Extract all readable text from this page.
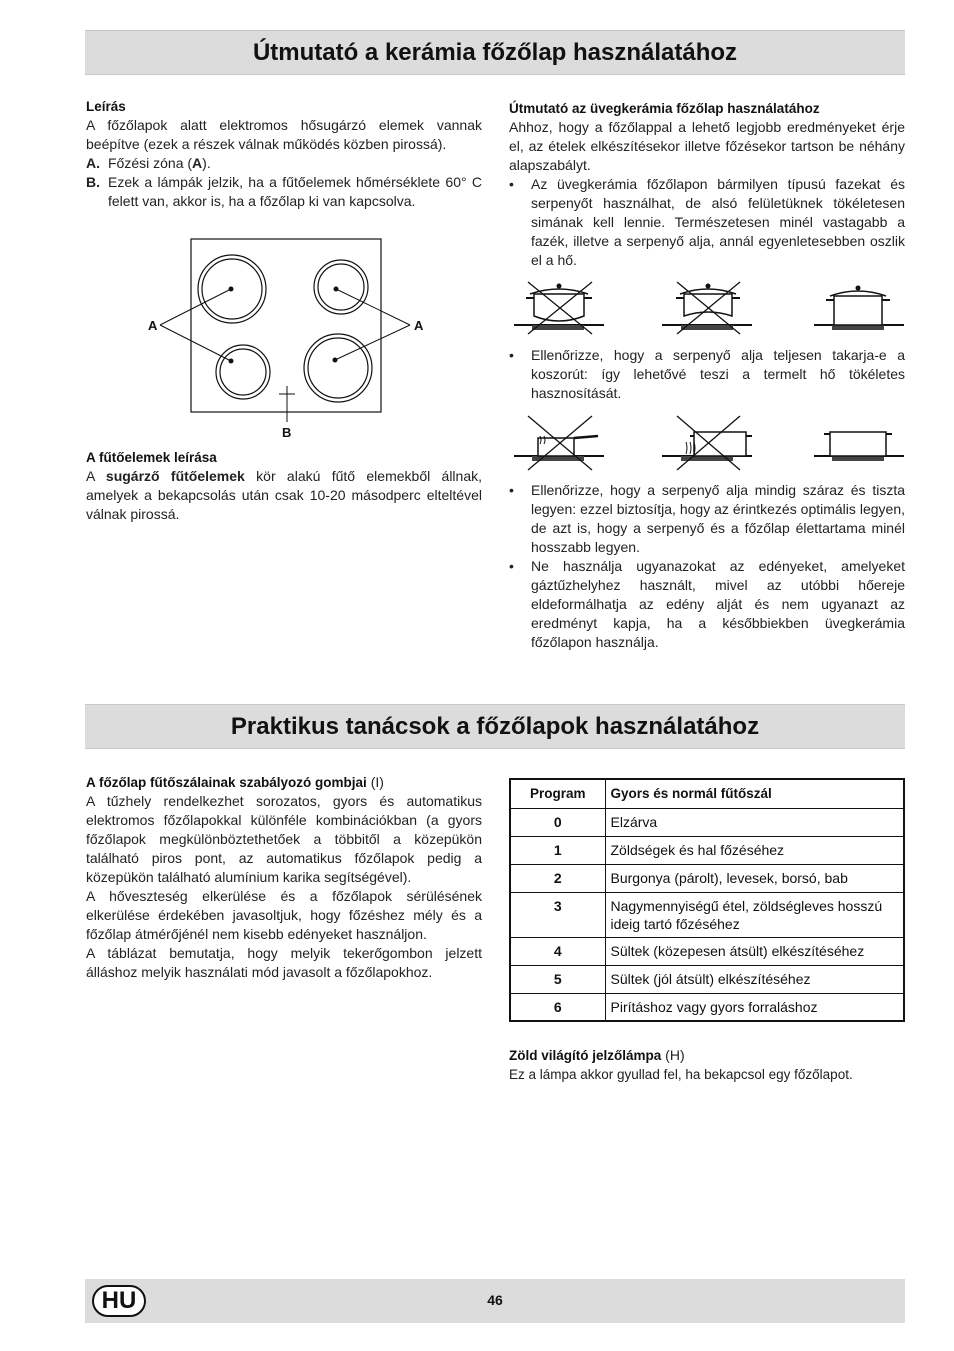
Útmutató a kerámia főzőlap használatához

Leírás

A főzőlapok alatt elektromos hősugárzó elemek vannak beépítve (ezek a részek válnak működés közben pirossá).

A. Főzési zóna (A).
B. Ezek a lámpák jelzik, ha a fűtőelemek hőmérséklete 60° C felett van, akkor is, ha a főzőlap ki van kapcsolva.
A	A
B

A fűtőelemek leírása

A sugárző fűtőelemek kör alakú fűtő elemekből állnak, amelyek a bekapcsolás után csak 10-20 másodperc elteltével válnak pirossá.

Útmutató az üvegkerámia főzőlap használatához

Ahhoz, hogy a főzőlappal a lehető legjobb eredményeket érje el, az ételek elkészítésekor illetve főzésekor tartson be néhány alapszabályt.

• Az üvegkerámia főzőlapon bármilyen típusú fazekat és serpenyőt használhat, de alsó felületüknek tökéletesen simának kell lennie. Természetesen minél vastagabb a fazék, illetve a serpenyő alja, annál egyenletesebben oszlik el a hő.
• Ellenőrizze, hogy a serpenyő alja teljesen takarja-e a koszorút: így lehetővé teszi a termelt hő tökéletes hasznosítását.
• Ellenőrizze, hogy a serpenyő alja mindig száraz és tiszta legyen: ezzel biztosítja, hogy az érintkezés optimális legyen, de azt is, hogy a serpenyő és a főzőlap élettartama minél hosszabb legyen.
• Ne használja ugyanazokat az edényeket, amelyeket gáztűzhelyhez használt, mivel az utóbbi hőereje eldeformálhatja az edény alját és nem ugyanazt az eredményt kapja, ha a későbbiekben üvegkerámia főzőlapon használja.
Praktikus tanácsok a főzőlapok használatához

A főzőlap fűtőszálainak szabályozó gombjai (I)

A tűzhely rendelkezhet sorozatos, gyors és automatikus elektromos főzőlapokkal különféle kombinációkban (a gyors főzőlapok megkülönböztethetőek a többitől a közepükön található piros pont, az automatikus főzőlapok pedig a közepükön található alumínium karika segítségével).
A hőveszteség elkerülése és a főzőlapok sérülésének elkerülése érdekében javasoltjuk, hogy főzéshez mély és a főzőlap átmérőjénél nem kisebb edényeket használjon.
A táblázat bemutatja, hogy melyik tekerőgombon jelzett álláshoz melyik használati mód javasolt a főzőlapokhoz.

Program	Gyors és normál fűtőszál
0	Elzárva
1	Zöldségek és hal főzéséhez
2	Burgonya (párolt), levesek, borsó, bab
3	Nagymennyiségű étel, zöldségleves hosszú ideig tartó főzéséhez
4	Sültek (közepesen átsült) elkészítéséhez
5	Sültek (jól átsült) elkészítéséhez
6	Pirításhoz vagy gyors forraláshoz

Zöld világító jelzőlámpa (H)

Ez a lámpa akkor gyullad fel, ha bekapcsol egy főzőlapot.

HU	46
